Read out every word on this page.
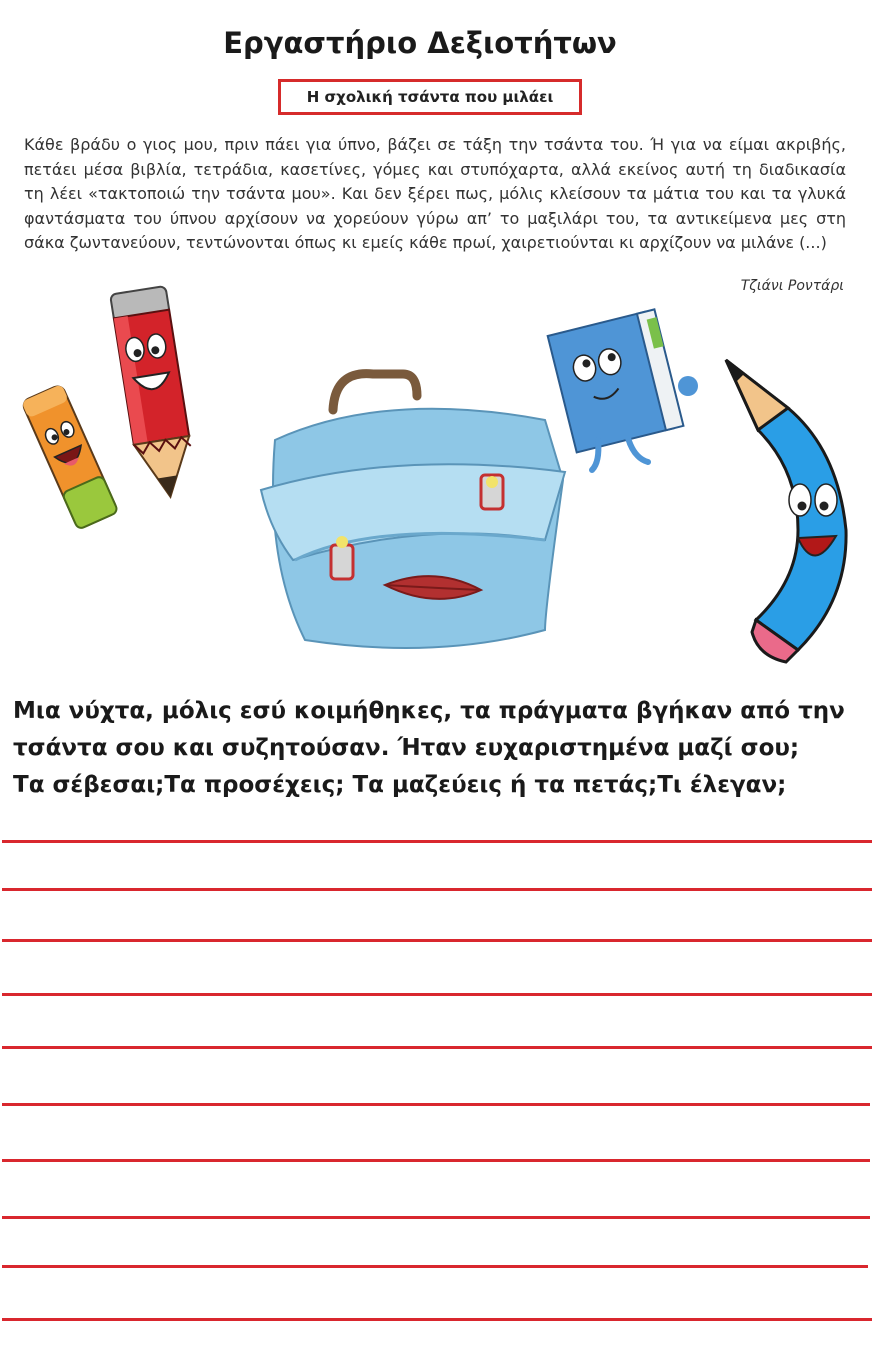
Εργαστήριο Δεξιοτήτων
Η σχολική τσάντα που μιλάει
Κάθε βράδυ ο γιος μου, πριν πάει για ύπνο, βάζει σε τάξη την τσάντα του. Ή για να είμαι ακριβής, πετάει μέσα βιβλία, τετράδια, κασετίνες, γόμες και στυπόχαρτα, αλλά εκείνος αυτή τη διαδικασία τη λέει «τακτοποιώ την τσάντα μου». Και δεν ξέρει πως, μόλις κλείσουν τα μάτια του και τα γλυκά φαντάσματα του ύπνου αρχίσουν να χορεύουν γύρω απ’ το μαξιλάρι του, τα αντικείμενα μες στη σάκα ζωντανεύουν, τεντώνονται όπως κι εμείς κάθε πρωί, χαιρετιούνται κι αρχίζουν να μιλάνε (...)
Τζιάνι Ροντάρι
Μια νύχτα, μόλις εσύ κοιμήθηκες, τα πράγματα βγήκαν από την
τσάντα σου και συζητούσαν. Ήταν ευχαριστημένα μαζί σου;
Τα σέβεσαι;Τα προσέχεις; Τα μαζεύεις ή τα πετάς;Τι έλεγαν;
